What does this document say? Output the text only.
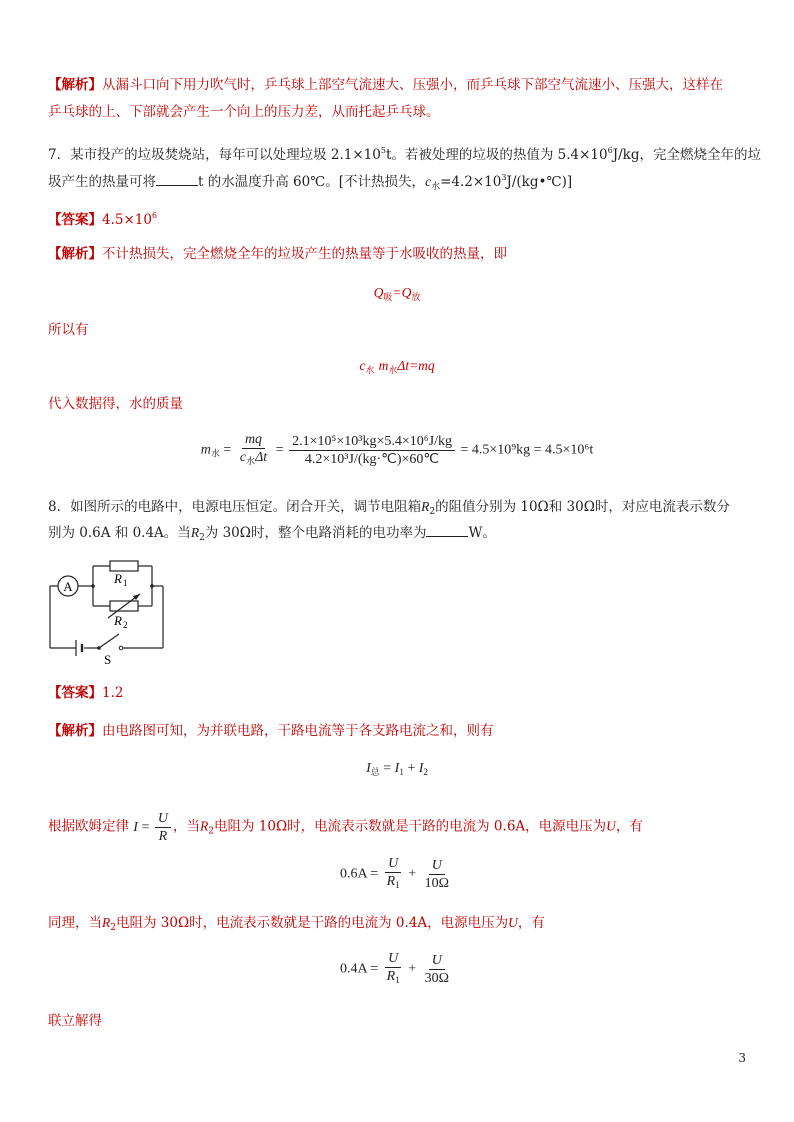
【解析】从漏斗口向下用力吹气时，乒乓球上部空气流速大、压强小，而乒乓球下部空气流速小、压强大，这样在
乒乓球的上、下部就会产生一个向上的压力差，从而托起乒乓球。
7．某市投产的垃圾焚烧站，每年可以处理垃圾 $2.1\times 10^5t$。若被处理的垃圾的热值为 $5.4\times 10^6J/kg$，完全燃烧全年的垃
圾产生的热量可将	t 的水温度升高 60℃。[不计热损失，$c_水=4.2\times 10^3J/(kg•℃)$]
【答案】$4.5\times 10^6$
【解析】不计热损失，完全燃烧全年的垃圾产生的热量等于水吸收的热量，即
$Q_吸=Q_放$
所以有
$c_水$ $m_水\Delta t=mq$
代入数据得，水的质量
$m_水 = \frac{mq}{c_水\Delta t} = \frac{\text{2.1×10⁵×10³kg×5.4×10⁶J/kg}}{\text{4.2×10³J/(kg·℃)×60℃}} = 4.5\times 10^9kg = 4.5\times 10^6t$
8．如图所示的电路中，电源电压恒定。闭合开关，调节电阻箱$R_2$的阻值分别为 10Ω和 30Ω时，对应电流表示数分
别为 0.6A 和 0.4A。当$R_2$为 30Ω时，整个电路消耗的电功率为	W。
A
R 1
R 2
S
【答案】1.2
【解析】由电路图可知，为并联电路，干路电流等于各支路电流之和，则有
$I_总 = I_1 + I_2$
根据欧姆定律 $I = \frac{U}{R}$ ，当$R_2$电阻为 10Ω时，电流表示数就是干路的电流为 0.6A，电源电压为U，有
$0.6A = \frac{U}{R_1} + \frac{U}{10\Omega}$
同理，当$R_2$电阻为 30Ω时，电流表示数就是干路的电流为 0.4A，电源电压为U，有
$0.4A = \frac{U}{R_1} + \frac{U}{30\Omega}$
联立解得
3
